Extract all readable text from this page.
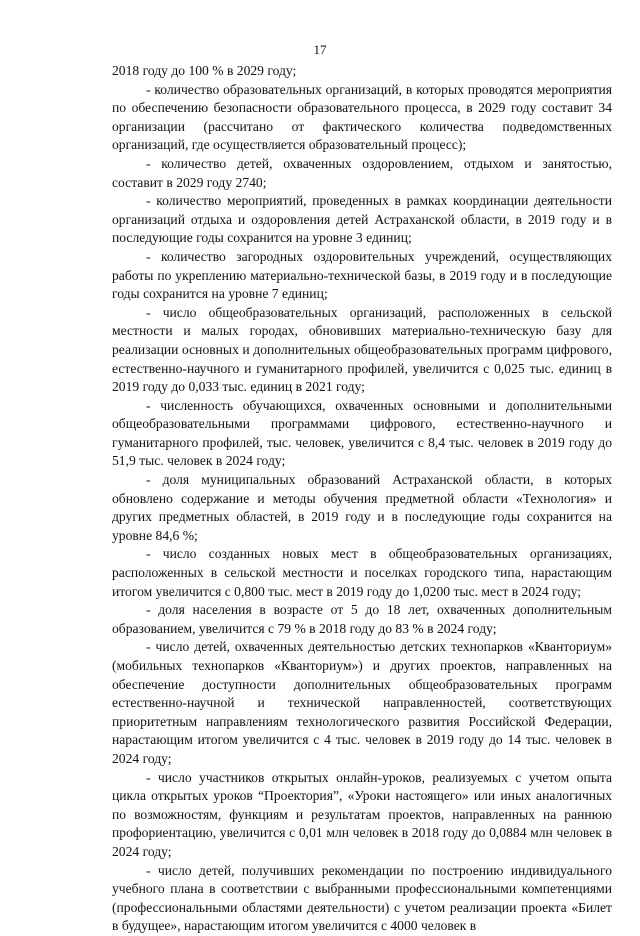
17

2018 году до 100 % в 2029 году;

- количество образовательных организаций, в которых проводятся мероприятия по обеспечению безопасности образовательного процесса, в 2029 году составит 34 организации (рассчитано от фактического количества подведомственных организаций, где осуществляется образовательный процесс);

- количество детей, охваченных оздоровлением, отдыхом и занятостью, составит в 2029 году 2740;

- количество мероприятий, проведенных в рамках координации деятельности организаций отдыха и оздоровления детей Астраханской области, в 2019 году и в последующие годы сохранится на уровне 3 единиц;

- количество загородных оздоровительных учреждений, осуществляющих работы по укреплению материально-технической базы, в 2019 году и в последующие годы сохранится на уровне 7 единиц;

- число общеобразовательных организаций, расположенных в сельской местности и малых городах, обновивших материально-техническую базу для реализации основных и дополнительных общеобразовательных программ цифрового, естественно-научного и гуманитарного профилей, увеличится с 0,025 тыс. единиц в 2019 году до 0,033 тыс. единиц в 2021 году;

- численность обучающихся, охваченных основными и дополнительными общеобразовательными программами цифрового, естественно-научного и гуманитарного профилей, тыс. человек, увеличится с 8,4 тыс. человек в 2019 году до 51,9 тыс. человек в 2024 году;

- доля муниципальных образований Астраханской области, в которых обновлено содержание и методы обучения предметной области «Технология» и других предметных областей, в 2019 году и в последующие годы сохранится на уровне 84,6 %;

- число созданных новых мест в общеобразовательных организациях, расположенных в сельской местности и поселках городского типа, нарастающим итогом увеличится с 0,800 тыс. мест в 2019 году до 1,0200 тыс. мест в 2024 году;

- доля населения в возрасте от 5 до 18 лет, охваченных дополнительным образованием, увеличится с 79 % в 2018 году до 83 % в 2024 году;

- число детей, охваченных деятельностью детских технопарков «Кванториум» (мобильных технопарков «Кванториум») и других проектов, направленных на обеспечение доступности дополнительных общеобразовательных программ естественно-научной и технической направленностей, соответствующих приоритетным направлениям технологического развития Российской Федерации, нарастающим итогом увеличится с 4 тыс. человек в 2019 году до 14 тыс. человек в 2024 году;

- число участников открытых онлайн-уроков, реализуемых с учетом опыта цикла открытых уроков “Проектория”, «Уроки настоящего» или иных аналогичных по возможностям, функциям и результатам проектов, направленных на раннюю профориентацию, увеличится с 0,01 млн человек в 2018 году до 0,0884 млн человек в 2024 году;

- число детей, получивших рекомендации по построению индивидуального учебного плана в соответствии с выбранными профессиональными компетенциями (профессиональными областями деятельности) с учетом реализации проекта «Билет в будущее», нарастающим итогом увеличится с 4000 человек в
